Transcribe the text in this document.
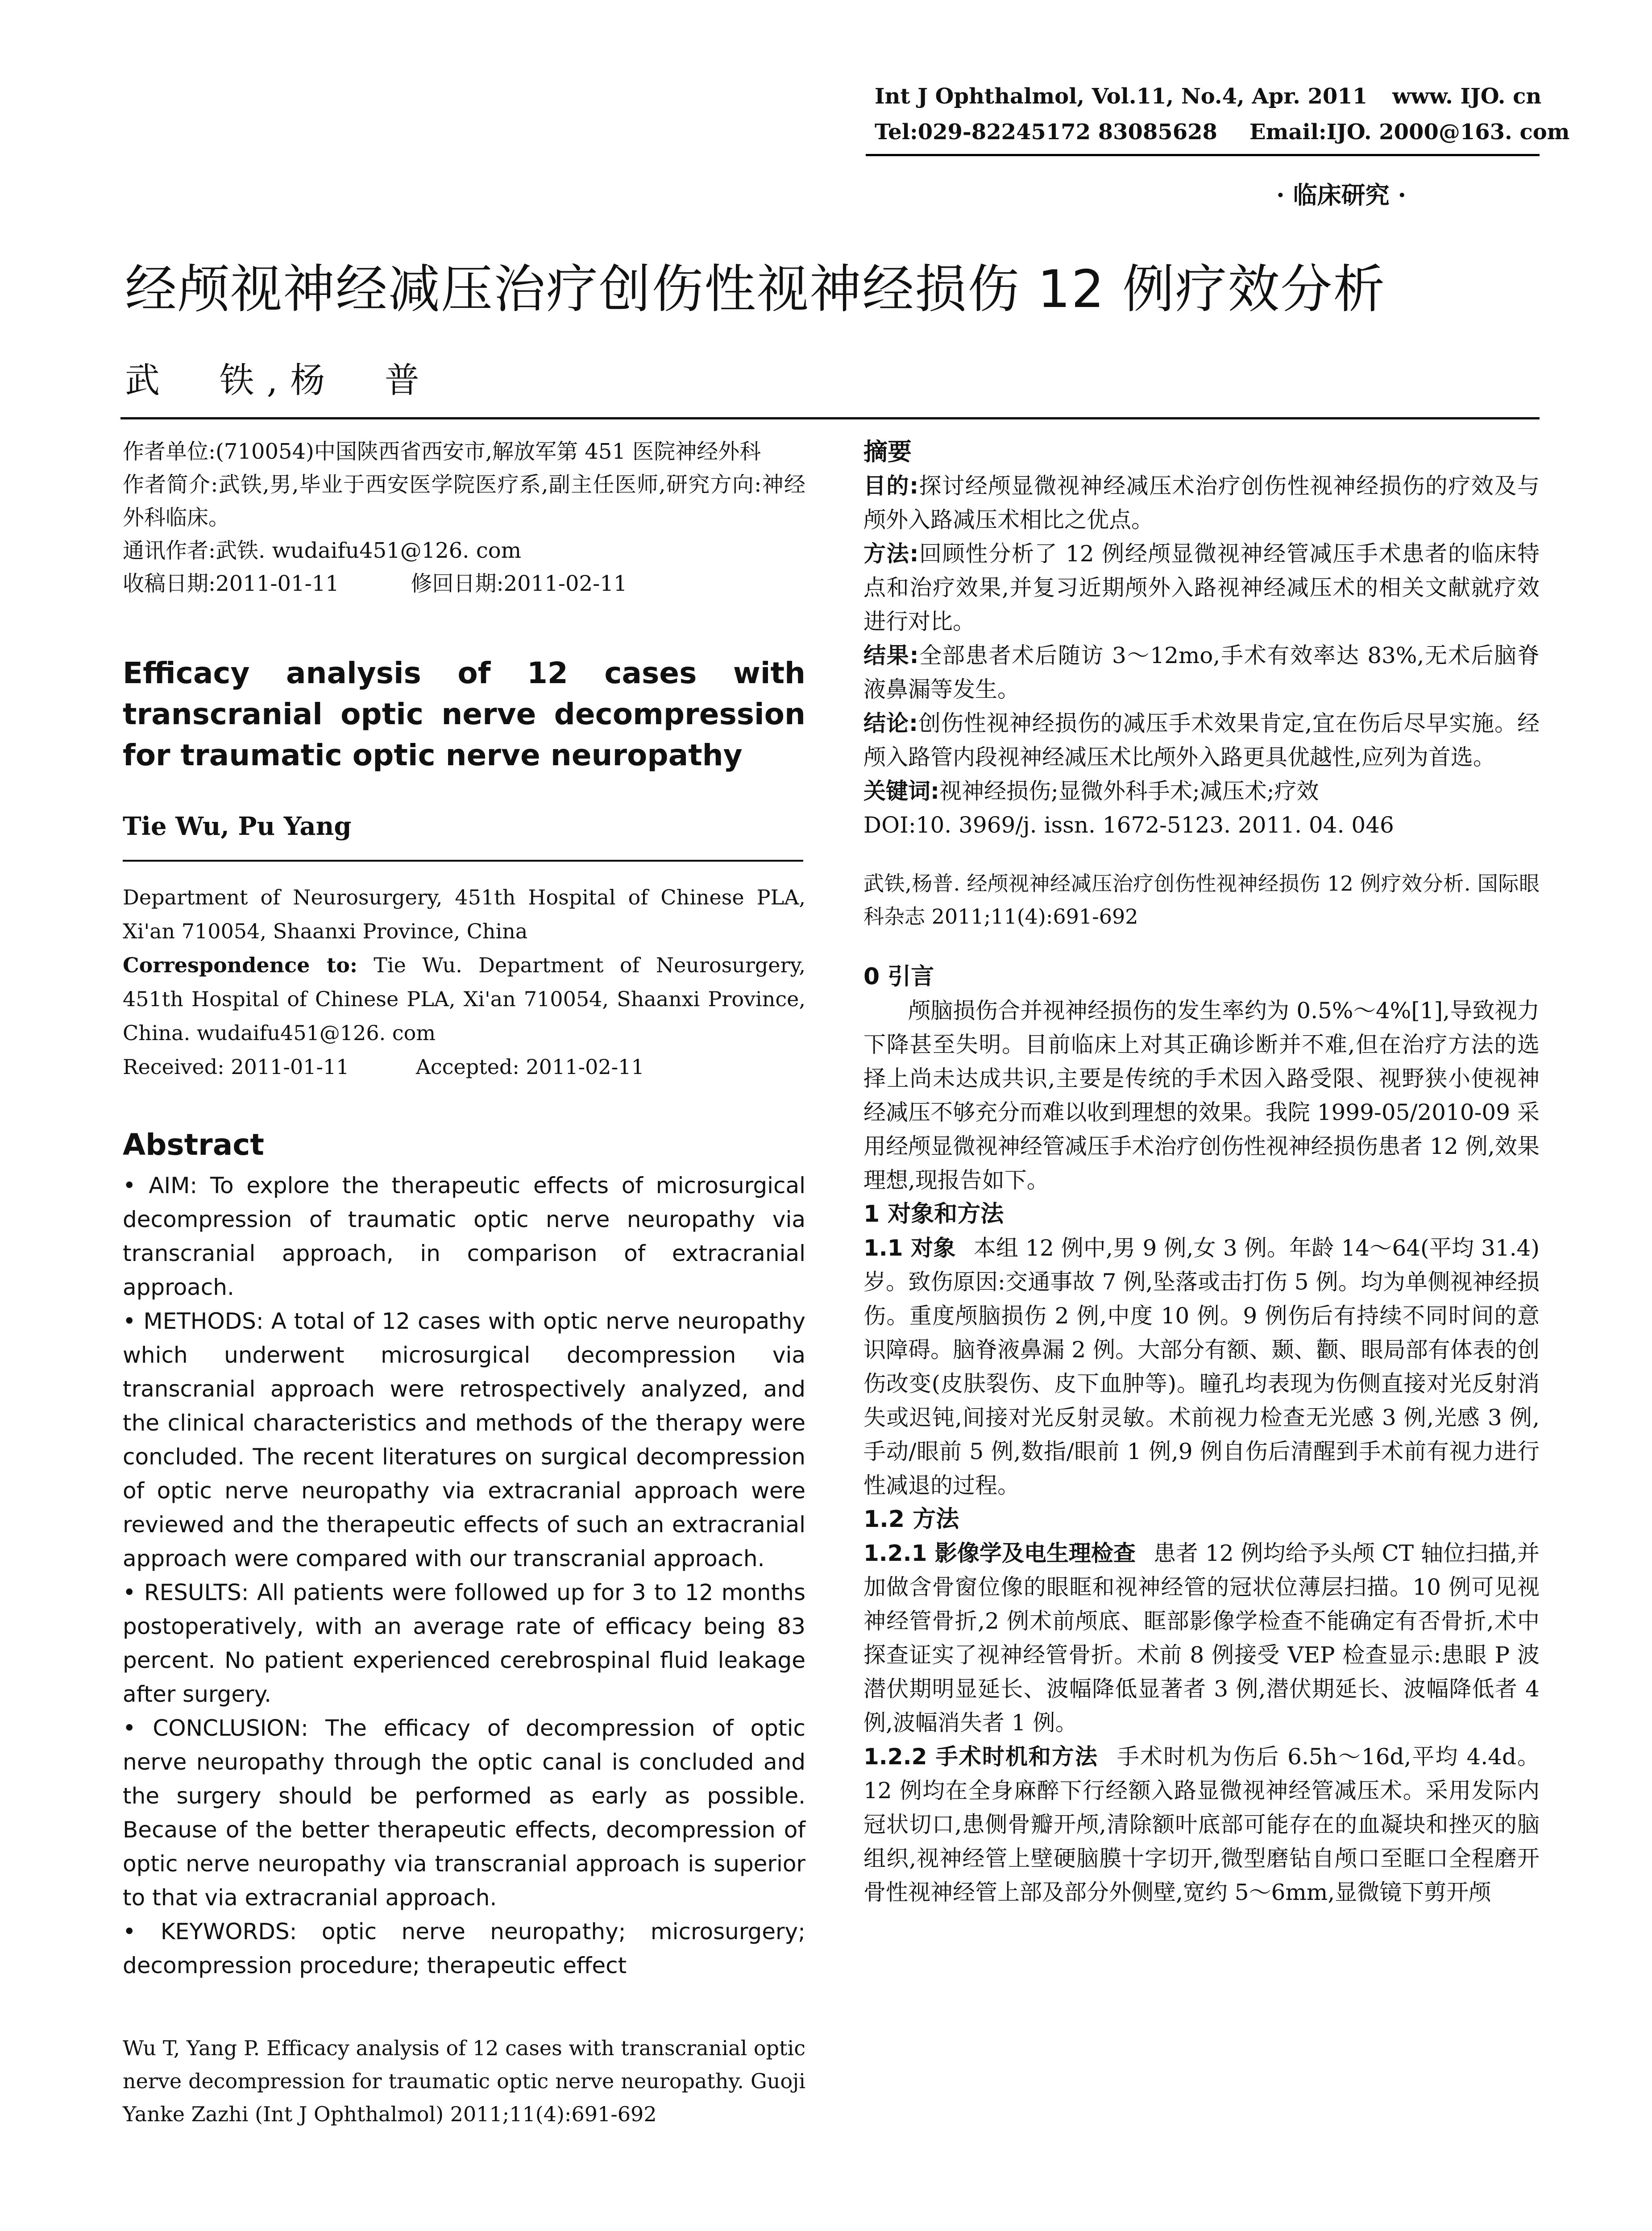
Int J Ophthalmol, Vol.11, No.4, Apr. 2011	www. IJO. cn
Tel:029-82245172 83085628 Email:IJO. 2000@163. com
· 临床研究 ·
经颅视神经减压治疗创伤性视神经损伤 12 例疗效分析
武  铁,杨  普

作者单位:(710054)中国陕西省西安市,解放军第 451 医院神经外科

作者简介:武铁,男,毕业于西安医学院医疗系,副主任医师,研究方向:神经外科临床。

通讯作者:武铁. wudaifu451@126. com

收稿日期:2011-01-11	修回日期:2011-02-11

Efficacy analysis of 12 cases with transcranial optic nerve decompression for traumatic optic nerve neuropathy
Tie Wu, Pu Yang

Department of Neurosurgery, 451th Hospital of Chinese PLA, Xi'an 710054, Shaanxi Province, China

Correspondence to: Tie Wu. Department of Neurosurgery, 451th Hospital of Chinese PLA, Xi'an 710054, Shaanxi Province, China. wudaifu451@126. com

Received: 2011-01-11	Accepted: 2011-02-11

Abstract

• AIM: To explore the therapeutic effects of microsurgical decompression of traumatic optic nerve neuropathy via transcranial approach, in comparison of extracranial approach.

• METHODS: A total of 12 cases with optic nerve neuropathy which underwent microsurgical decompression via transcranial approach were retrospectively analyzed, and the clinical characteristics and methods of the therapy were concluded. The recent literatures on surgical decompression of optic nerve neuropathy via extracranial approach were reviewed and the therapeutic effects of such an extracranial approach were compared with our transcranial approach.

• RESULTS: All patients were followed up for 3 to 12 months postoperatively, with an average rate of efficacy being 83 percent. No patient experienced cerebrospinal fluid leakage after surgery.

• CONCLUSION: The efficacy of decompression of optic nerve neuropathy through the optic canal is concluded and the surgery should be performed as early as possible. Because of the better therapeutic effects, decompression of optic nerve neuropathy via transcranial approach is superior to that via extracranial approach.

• KEYWORDS: optic nerve neuropathy; microsurgery; decompression procedure; therapeutic effect

Wu T, Yang P. Efficacy analysis of 12 cases with transcranial optic nerve decompression for traumatic optic nerve neuropathy. Guoji Yanke Zazhi (Int J Ophthalmol) 2011;11(4):691-692

摘要

目的:探讨经颅显微视神经减压术治疗创伤性视神经损伤的疗效及与颅外入路减压术相比之优点。

方法:回顾性分析了 12 例经颅显微视神经管减压手术患者的临床特点和治疗效果,并复习近期颅外入路视神经减压术的相关文献就疗效进行对比。

结果:全部患者术后随访 3～12mo,手术有效率达 83%,无术后脑脊液鼻漏等发生。

结论:创伤性视神经损伤的减压手术效果肯定,宜在伤后尽早实施。经颅入路管内段视神经减压术比颅外入路更具优越性,应列为首选。

关键词:视神经损伤;显微外科手术;减压术;疗效

DOI:10. 3969/j. issn. 1672-5123. 2011. 04. 046

武铁,杨普. 经颅视神经减压治疗创伤性视神经损伤 12 例疗效分析. 国际眼科杂志 2011;11(4):691-692

0 引言

颅脑损伤合并视神经损伤的发生率约为 0.5%～4%[1],导致视力下降甚至失明。目前临床上对其正确诊断并不难,但在治疗方法的选择上尚未达成共识,主要是传统的手术因入路受限、视野狭小使视神经减压不够充分而难以收到理想的效果。我院 1999-05/2010-09 采用经颅显微视神经管减压手术治疗创伤性视神经损伤患者 12 例,效果理想,现报告如下。

1 对象和方法

1.1 对象 本组 12 例中,男 9 例,女 3 例。年龄 14～64(平均 31.4)岁。致伤原因:交通事故 7 例,坠落或击打伤 5 例。均为单侧视神经损伤。重度颅脑损伤 2 例,中度 10 例。9 例伤后有持续不同时间的意识障碍。脑脊液鼻漏 2 例。大部分有额、颞、颧、眼局部有体表的创伤改变(皮肤裂伤、皮下血肿等)。瞳孔均表现为伤侧直接对光反射消失或迟钝,间接对光反射灵敏。术前视力检查无光感 3 例,光感 3 例,手动/眼前 5 例,数指/眼前 1 例,9 例自伤后清醒到手术前有视力进行性减退的过程。

1.2 方法

1.2.1 影像学及电生理检查 患者 12 例均给予头颅 CT 轴位扫描,并加做含骨窗位像的眼眶和视神经管的冠状位薄层扫描。10 例可见视神经管骨折,2 例术前颅底、眶部影像学检查不能确定有否骨折,术中探查证实了视神经管骨折。术前 8 例接受 VEP 检查显示:患眼 P 波潜伏期明显延长、波幅降低显著者 3 例,潜伏期延长、波幅降低者 4 例,波幅消失者 1 例。

1.2.2 手术时机和方法 手术时机为伤后 6.5h～16d,平均 4.4d。12 例均在全身麻醉下行经额入路显微视神经管减压术。采用发际内冠状切口,患侧骨瓣开颅,清除额叶底部可能存在的血凝块和挫灭的脑组织,视神经管上壁硬脑膜十字切开,微型磨钻自颅口至眶口全程磨开骨性视神经管上部及部分外侧壁,宽约 5～6mm,显微镜下剪开颅
